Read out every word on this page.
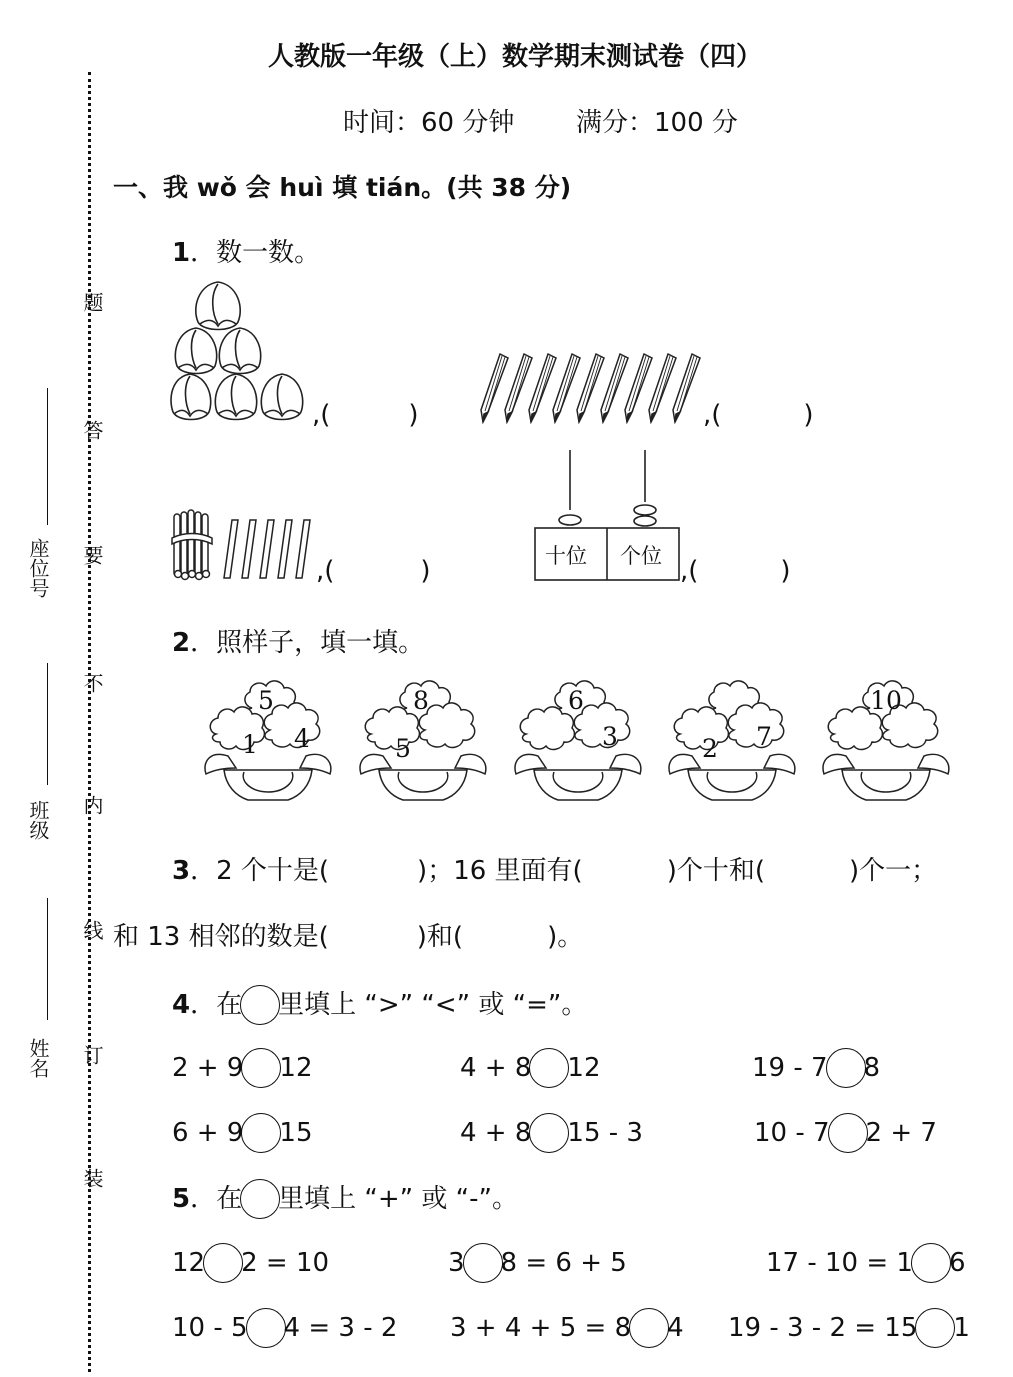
题
答
要
不
内
线
订
装
座位号
班级
姓名
人教版一年级（上）数学期末测试卷（四）
时间：60 分钟 满分：100 分
一、我 wǒ 会 huì 填 tián。(共 38 分)
1．数一数。
,(	)	,(	)
,(	)	十位 个位 ,(	)
2．照样子，填一填。
5
1 4
8
5
6
3	2 7
10
3．2 个十是(	)；16 里面有(	)个十和(	)个一；
和 13 相邻的数是(	)和(	)。
4．在 里填上 “>” “<” 或 “=”。
2 + 9 12	4 + 8 12	19 - 7 8
6 + 9 15	4 + 8 15 - 3	10 - 7 2 + 7
5．在 里填上 “+” 或 “-”。
12 2 = 10	3 8 = 6 + 5	17 - 10 = 1 6
10 - 5 4 = 3 - 2 3 + 4 + 5 = 8 4 19 - 3 - 2 = 15 1
